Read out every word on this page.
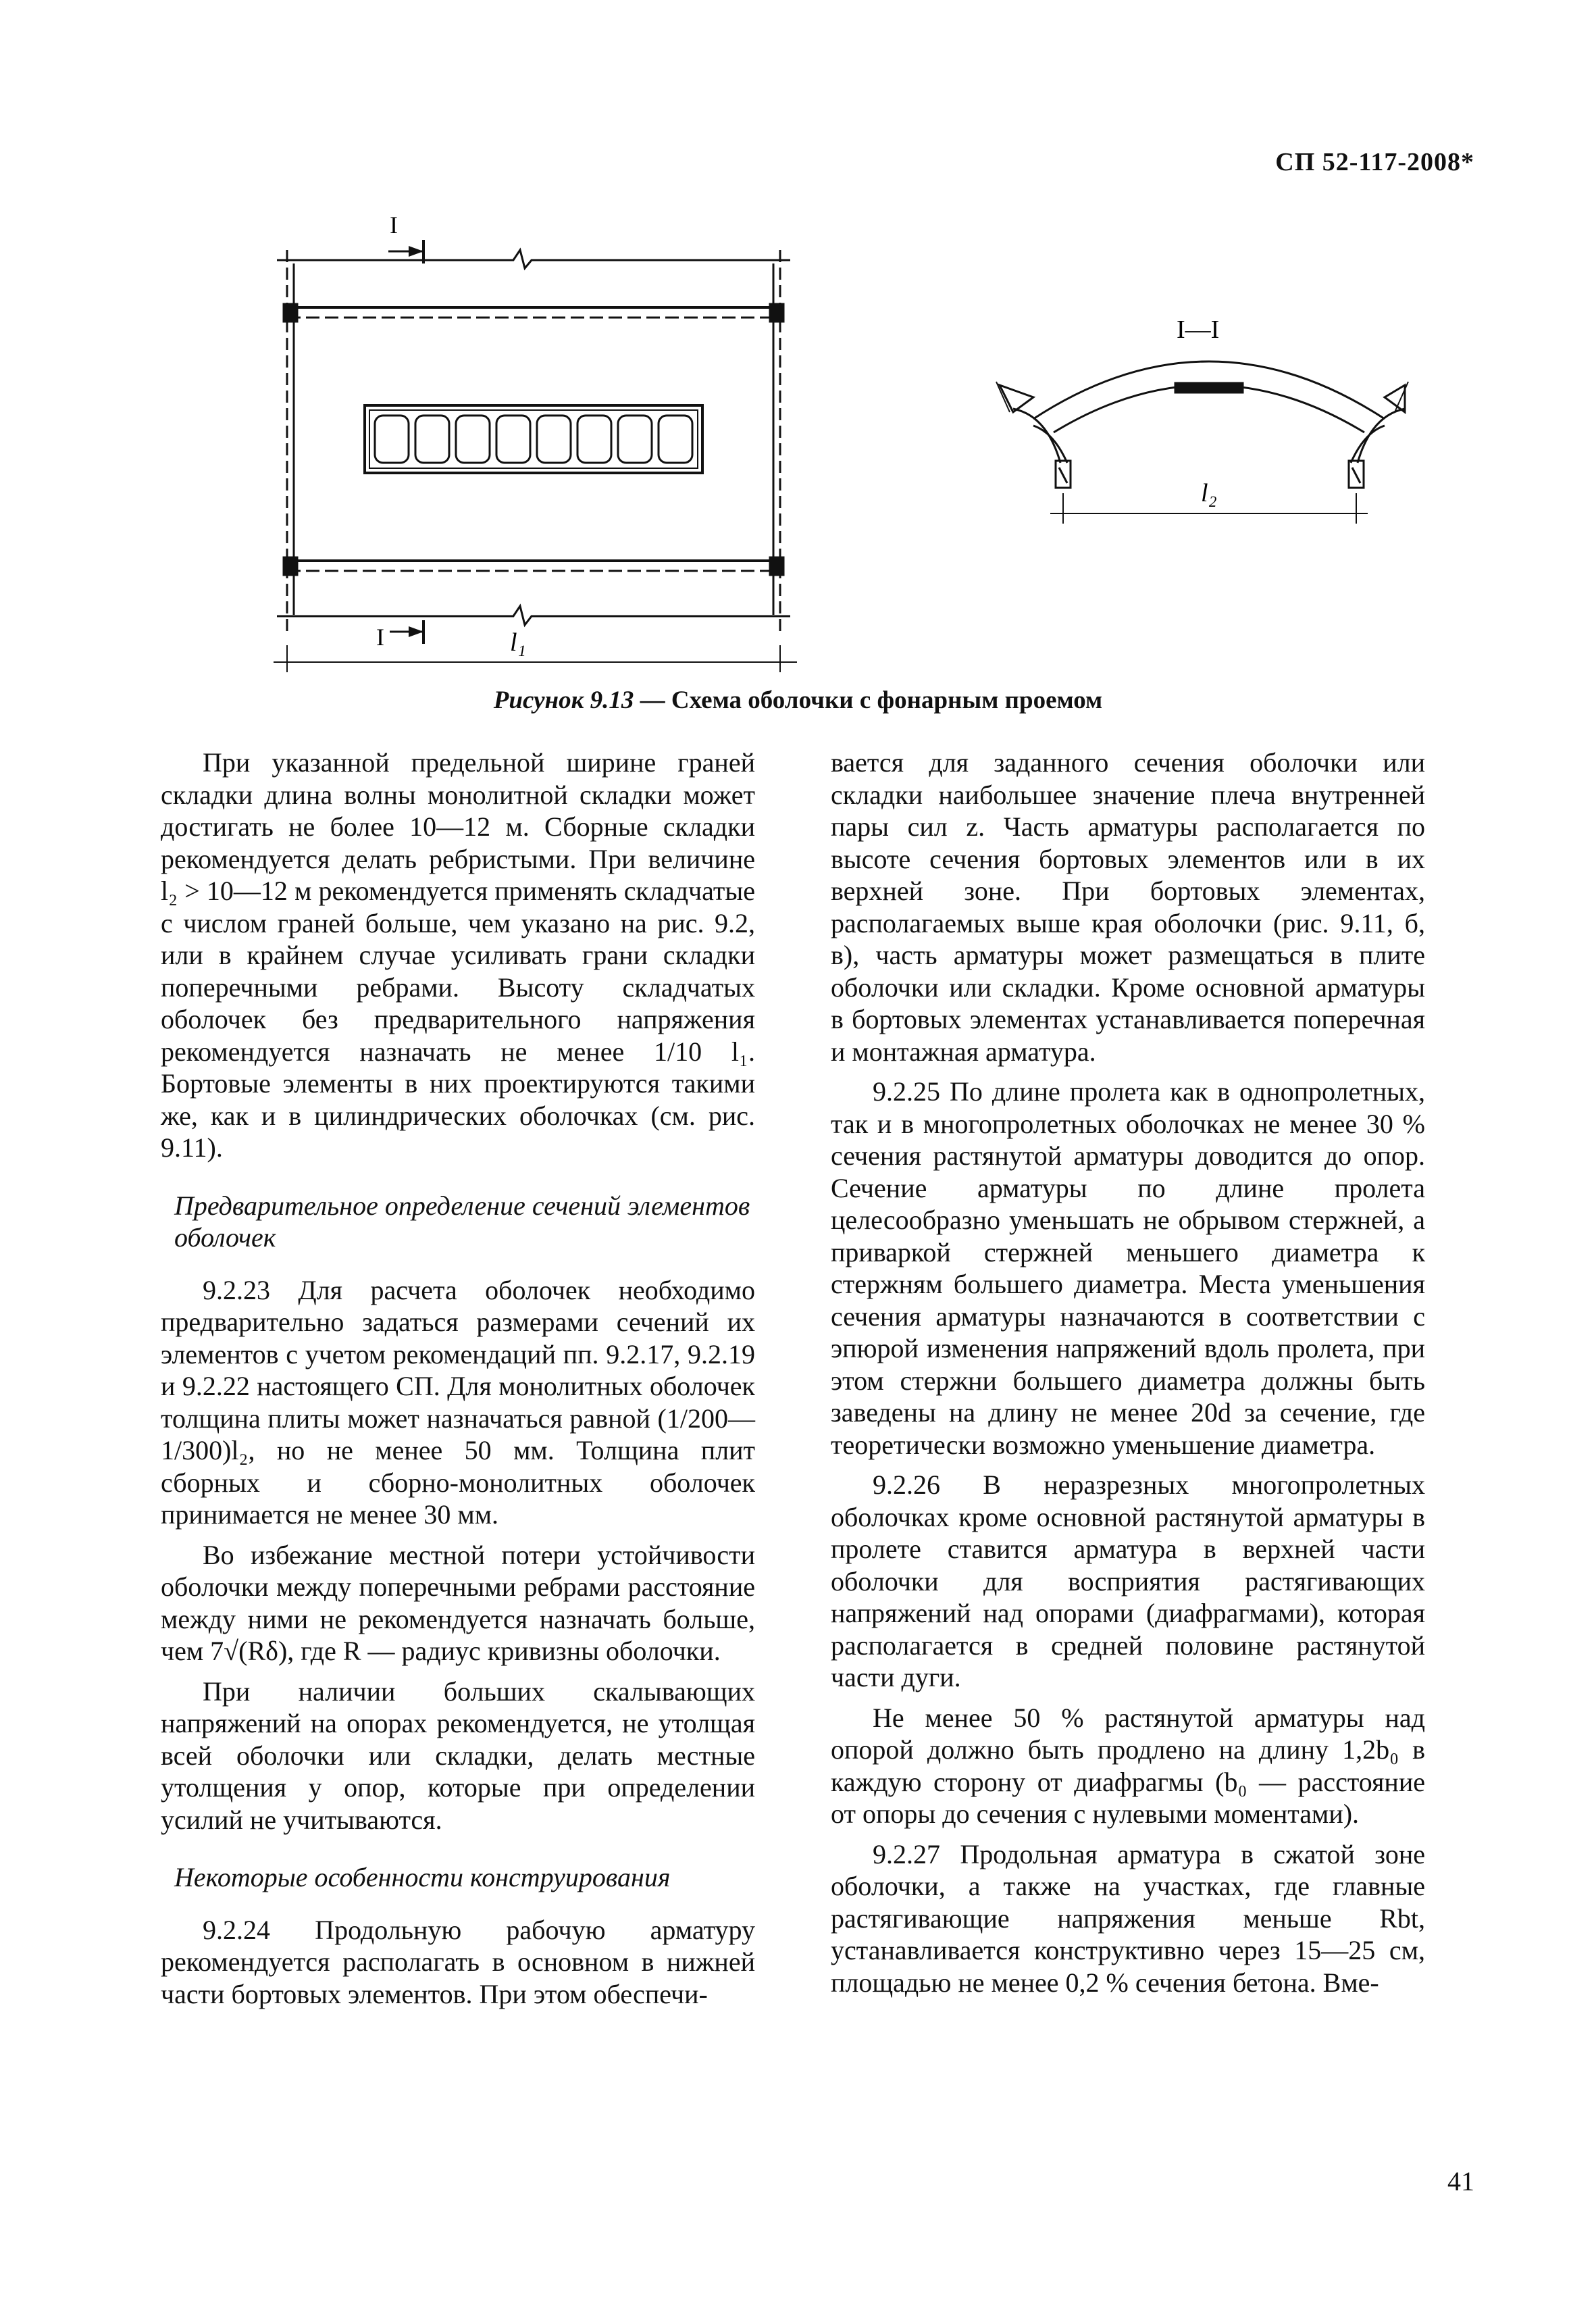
СП 52-117-2008*
I
I	l₁
I—I
l₂
Рисунок 9.13 — Схема оболочки с фонарным проемом

При указанной предельной ширине граней складки длина волны монолитной складки может достигать не более 10—12 м. Сборные складки рекомендуется делать ребристыми. При величине l₂ > 10—12 м рекомендуется применять складчатые с числом граней больше, чем указано на рис. 9.2, или в крайнем случае усиливать грани складки поперечными ребрами. Высоту складчатых оболочек без предварительного напряжения рекомендуется назначать не менее 1/10 l₁. Бортовые элементы в них проектируются такими же, как и в цилиндрических оболочках (см. рис. 9.11).

Предварительное определение сечений элементов оболочек

9.2.23 Для расчета оболочек необходимо предварительно задаться размерами сечений их элементов с учетом рекомендаций пп. 9.2.17, 9.2.19 и 9.2.22 настоящего СП. Для монолитных оболочек толщина плиты может назначаться равной (1/200—1/300)l₂, но не менее 50 мм. Толщина плит сборных и сборно-монолитных оболочек принимается не менее 30 мм.

Во избежание местной потери устойчивости оболочки между поперечными ребрами расстояние между ними не рекомендуется назначать больше, чем 7√(Rδ), где R — радиус кривизны оболочки.

При наличии больших скалывающих напряжений на опорах рекомендуется, не утолщая всей оболочки или складки, делать местные утолщения у опор, которые при определении усилий не учитываются.

Некоторые особенности конструирования

9.2.24 Продольную рабочую арматуру рекомендуется располагать в основном в нижней части бортовых элементов. При этом обеспечи-

вается для заданного сечения оболочки или складки наибольшее значение плеча внутренней пары сил z. Часть арматуры располагается по высоте сечения бортовых элементов или в их верхней зоне. При бортовых элементах, располагаемых выше края оболочки (рис. 9.11, б, в), часть арматуры может размещаться в плите оболочки или складки. Кроме основной арматуры в бортовых элементах устанавливается поперечная и монтажная арматура.

9.2.25 По длине пролета как в однопролетных, так и в многопролетных оболочках не менее 30 % сечения растянутой арматуры доводится до опор. Сечение арматуры по длине пролета целесообразно уменьшать не обрывом стержней, а приваркой стержней меньшего диаметра к стержням большего диаметра. Места уменьшения сечения арматуры назначаются в соответствии с эпюрой изменения напряжений вдоль пролета, при этом стержни большего диаметра должны быть заведены на длину не менее 20d за сечение, где теоретически возможно уменьшение диаметра.

9.2.26 В неразрезных многопролетных оболочках кроме основной растянутой арматуры в пролете ставится арматура в верхней части оболочки для восприятия растягивающих напряжений над опорами (диафрагмами), которая располагается в средней половине растянутой части дуги.

Не менее 50 % растянутой арматуры над опорой должно быть продлено на длину 1,2b₀ в каждую сторону от диафрагмы (b₀ — расстояние от опоры до сечения с нулевыми моментами).

9.2.27 Продольная арматура в сжатой зоне оболочки, а также на участках, где главные растягивающие напряжения меньше Rbt, устанавливается конструктивно через 15—25 см, площадью не менее 0,2 % сечения бетона. Вме-

41
